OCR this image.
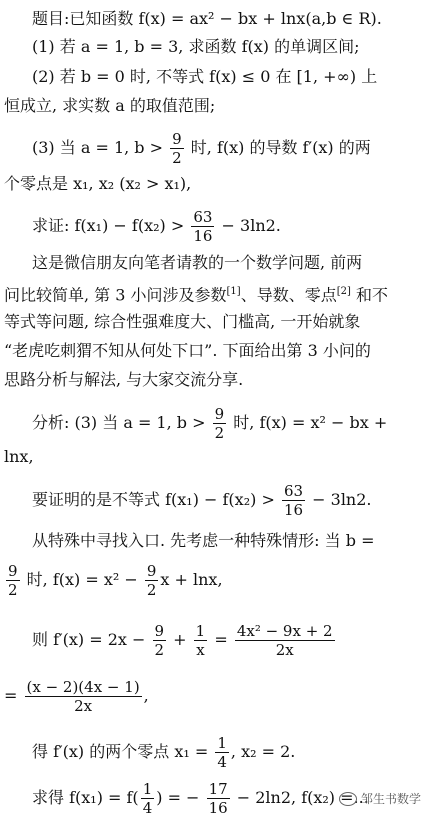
题目:已知函数 f(x) = ax² − bx + lnx(a,b ∈ R).
(1) 若 a = 1, b = 3, 求函数 f(x) 的单调区间;
(2) 若 b = 0 时, 不等式 f(x) ≤ 0 在 [1, +∞) 上
恒成立, 求实数 a 的取值范围;
(3) 当 a = 1, $b > \frac{9}{2}$ 时, f(x) 的导数 f′(x) 的两
个零点是 x₁, x₂ (x₂ > x₁),
求证: $f(x_1) - f(x_2) > \frac{63}{16} - 3\ln 2$.
这是微信朋友向笔者请教的一个数学问题, 前两
问比较简单, 第 3 小问涉及参数[1]、导数、零点[2] 和不
等式等问题, 综合性强难度大、门槛高, 一开始就象
“老虎吃刺猬不知从何处下口”. 下面给出第 3 小问的
思路分析与解法, 与大家交流分享.
分析: (3) 当 a = 1, $b > \frac{9}{2}$ 时, f(x) = x² − bx +
lnx,
要证明的是不等式 $f(x_1) - f(x_2) > \frac{63}{16} - 3\ln 2$.
从特殊中寻找入口. 先考虑一种特殊情形: 当 b =
$\frac{9}{2}$ 时, $f(x) = x^2 - \frac{9}{2}$ x + lnx,
则 $f'(x) = 2x - \frac{9}{2} + \frac{1}{x} = \frac{\text{4x² − 9x + 2}}{2x}$
= $\frac{(x - 2)(4x - 1)}{2x}$ ,
得 f′(x) 的两个零点 $x_1 = \frac{1}{4}$ , x₂ = 2.
求得 $f(x_1) = f( \frac{1}{4}$ ) = − $\frac{17}{16} - 2\ln 2$, f(x₂) =...
邹生书数学
